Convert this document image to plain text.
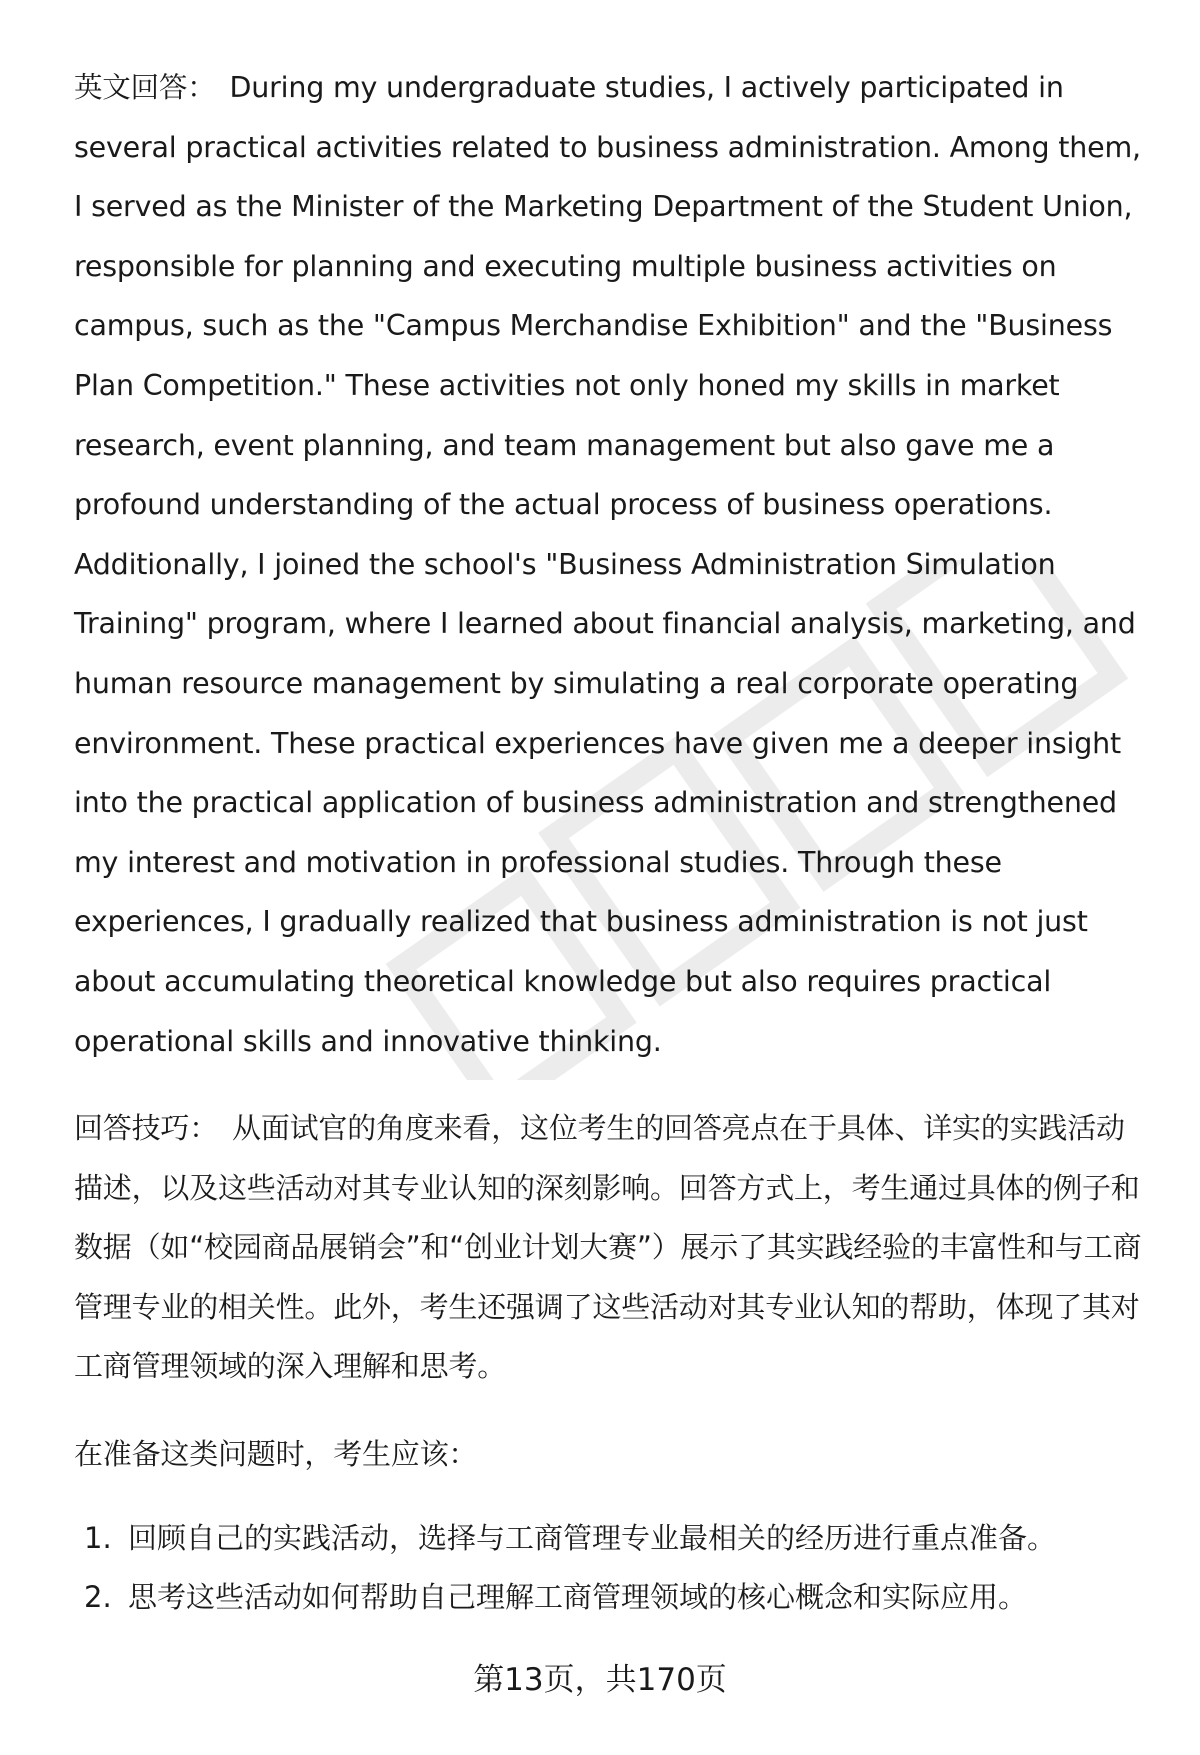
英文回答： During my undergraduate studies, I actively participated in several practical activities related to business administration. Among them, I served as the Minister of the Marketing Department of the Student Union, responsible for planning and executing multiple business activities on campus, such as the "Campus Merchandise Exhibition" and the "Business Plan Competition." These activities not only honed my skills in market research, event planning, and team management but also gave me a profound understanding of the actual process of business operations. Additionally, I joined the school's "Business Administration Simulation Training" program, where I learned about financial analysis, marketing, and human resource management by simulating a real corporate operating environment. These practical experiences have given me a deeper insight into the practical application of business administration and strengthened my interest and motivation in professional studies. Through these experiences, I gradually realized that business administration is not just about accumulating theoretical knowledge but also requires practical operational skills and innovative thinking.

回答技巧： 从面试官的角度来看，这位考生的回答亮点在于具体、详实的实践活动描述，以及这些活动对其专业认知的深刻影响。回答方式上，考生通过具体的例子和数据（如“校园商品展销会”和“创业计划大赛”）展示了其实践经验的丰富性和与工商管理专业的相关性。此外，考生还强调了这些活动对其专业认知的帮助，体现了其对工商管理领域的深入理解和思考。

在准备这类问题时，考生应该：

1. 回顾自己的实践活动，选择与工商管理专业最相关的经历进行重点准备。
2. 思考这些活动如何帮助自己理解工商管理领域的核心概念和实际应用。
第13页，共170页
